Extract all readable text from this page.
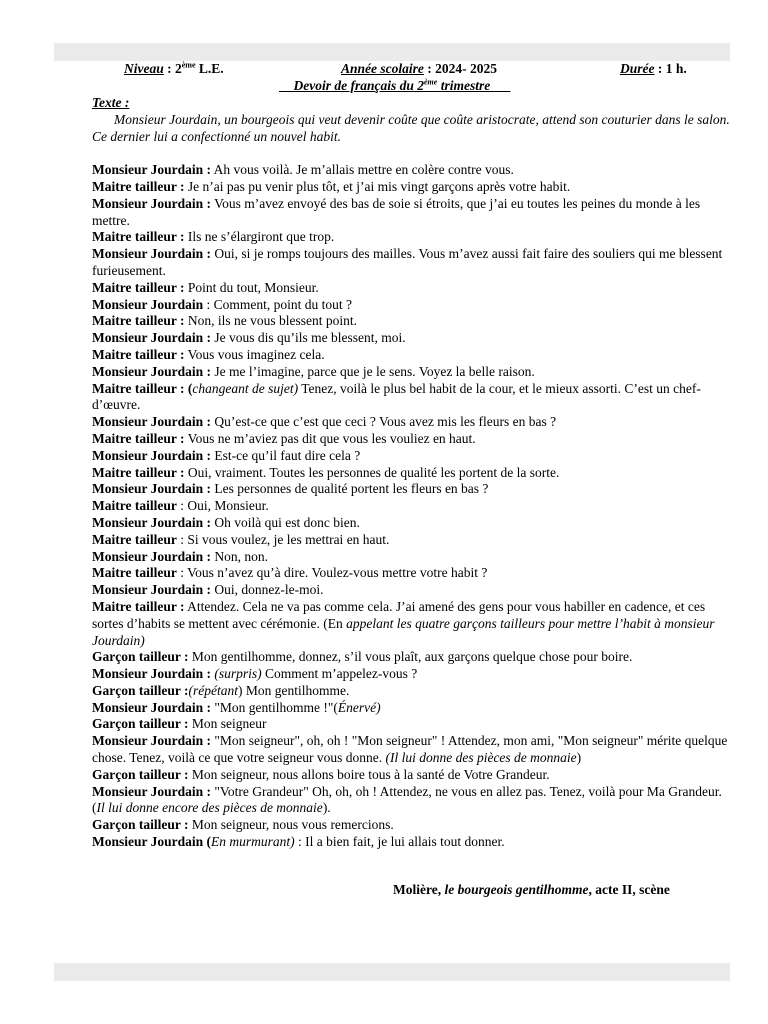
Niveau : 2ème L.E.	Année scolaire : 2024- 2025	Durée : 1 h.
__Devoir de français du 2ème trimestre___
Texte :

Monsieur Jourdain, un bourgeois qui veut devenir coûte que coûte aristocrate, attend son couturier dans le salon. Ce dernier lui a confectionné un nouvel habit.

Monsieur Jourdain : Ah vous voilà. Je m’allais mettre en colère contre vous.

Maitre tailleur : Je n’ai pas pu venir plus tôt, et j’ai mis vingt garçons après votre habit.

Monsieur Jourdain : Vous m’avez envoyé des bas de soie si étroits, que j’ai eu toutes les peines du monde à les mettre.

Maitre tailleur : Ils ne s’élargiront que trop.

Monsieur Jourdain : Oui, si je romps toujours des mailles. Vous m’avez aussi fait faire des souliers qui me blessent furieusement.

Maitre tailleur : Point du tout, Monsieur.

Monsieur Jourdain : Comment, point du tout ?

Maitre tailleur : Non, ils ne vous blessent point.

Monsieur Jourdain : Je vous dis qu’ils me blessent, moi.

Maitre tailleur : Vous vous imaginez cela.

Monsieur Jourdain : Je me l’imagine, parce que je le sens. Voyez la belle raison.

Maitre tailleur : (changeant de sujet) Tenez, voilà le plus bel habit de la cour, et le mieux assorti. C’est un chef-d’œuvre.

Monsieur Jourdain : Qu’est-ce que c’est que ceci ? Vous avez mis les fleurs en bas ?

Maitre tailleur : Vous ne m’aviez pas dit que vous les vouliez en haut.

Monsieur Jourdain : Est-ce qu’il faut dire cela ?

Maitre tailleur : Oui, vraiment. Toutes les personnes de qualité les portent de la sorte.

Monsieur Jourdain : Les personnes de qualité portent les fleurs en bas ?

Maitre tailleur : Oui, Monsieur.

Monsieur Jourdain : Oh voilà qui est donc bien.

Maitre tailleur : Si vous voulez, je les mettrai en haut.

Monsieur Jourdain : Non, non.

Maitre tailleur : Vous n’avez qu’à dire. Voulez-vous mettre votre habit ?

Monsieur Jourdain : Oui, donnez-le-moi.

Maitre tailleur : Attendez. Cela ne va pas comme cela. J’ai amené des gens pour vous habiller en cadence, et ces sortes d’habits se mettent avec cérémonie. (En appelant les quatre garçons tailleurs pour mettre l’habit à monsieur Jourdain)

Garçon tailleur : Mon gentilhomme, donnez, s’il vous plaît, aux garçons quelque chose pour boire.

Monsieur Jourdain : (surpris) Comment m’appelez-vous ?

Garçon tailleur :(répétant) Mon gentilhomme.

Monsieur Jourdain : "Mon gentilhomme !"(Énervé)

Garçon tailleur : Mon seigneur

Monsieur Jourdain : "Mon seigneur", oh, oh ! "Mon seigneur" ! Attendez, mon ami, "Mon seigneur" mérite quelque chose. Tenez, voilà ce que votre seigneur vous donne. (Il lui donne des pièces de monnaie)

Garçon tailleur : Mon seigneur, nous allons boire tous à la santé de Votre Grandeur.

Monsieur Jourdain : "Votre Grandeur" Oh, oh, oh ! Attendez, ne vous en allez pas. Tenez, voilà pour Ma Grandeur. (Il lui donne encore des pièces de monnaie).

Garçon tailleur : Mon seigneur, nous vous remercions.

Monsieur Jourdain (En murmurant) : Il a bien fait, je lui allais tout donner.

Molière, le bourgeois gentilhomme, acte II, scène
